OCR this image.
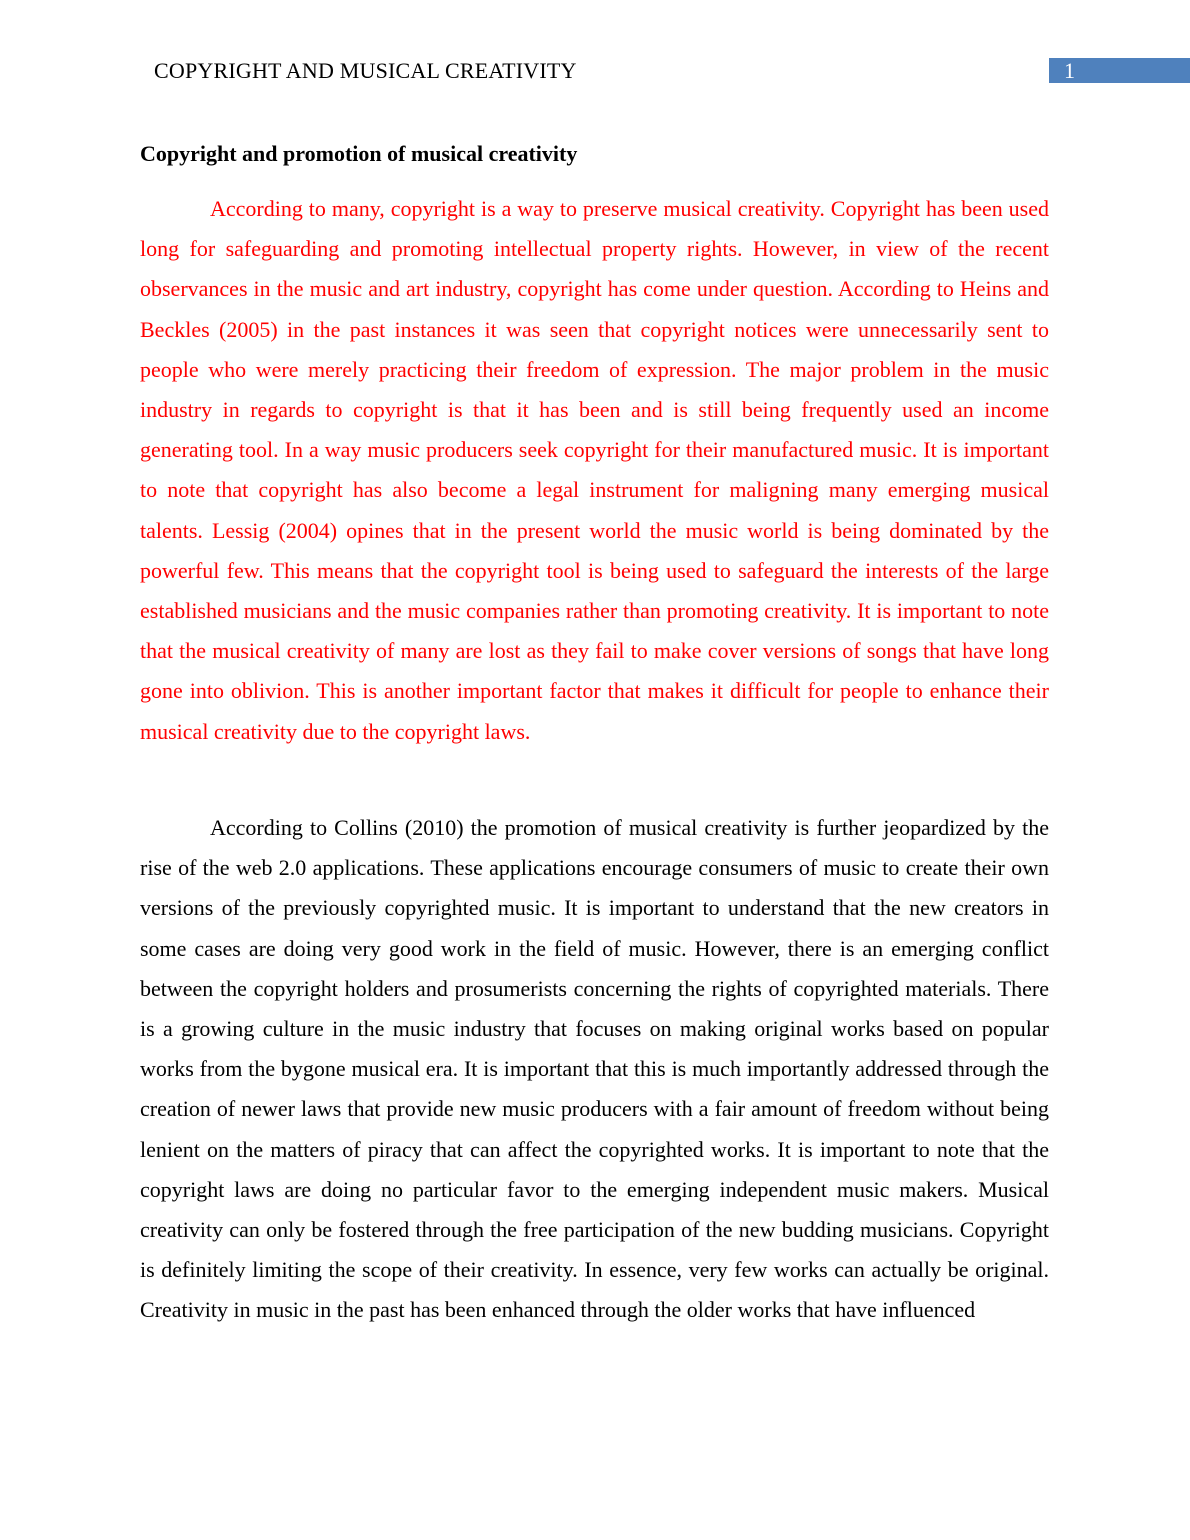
COPYRIGHT AND MUSICAL CREATIVITY	1
Copyright and promotion of musical creativity

According to many, copyright is a way to preserve musical creativity. Copyright has been used long for safeguarding and promoting intellectual property rights. However, in view of the recent observances in the music and art industry, copyright has come under question. According to Heins and Beckles (2005) in the past instances it was seen that copyright notices were unnecessarily sent to people who were merely practicing their freedom of expression. The major problem in the music industry in regards to copyright is that it has been and is still being frequently used an income generating tool. In a way music producers seek copyright for their manufactured music. It is important to note that copyright has also become a legal instrument for maligning many emerging musical talents. Lessig (2004) opines that in the present world the music world is being dominated by the powerful few. This means that the copyright tool is being used to safeguard the interests of the large established musicians and the music companies rather than promoting creativity. It is important to note that the musical creativity of many are lost as they fail to make cover versions of songs that have long gone into oblivion. This is another important factor that makes it difficult for people to enhance their musical creativity due to the copyright laws.

According to Collins (2010) the promotion of musical creativity is further jeopardized by the rise of the web 2.0 applications. These applications encourage consumers of music to create their own versions of the previously copyrighted music. It is important to understand that the new creators in some cases are doing very good work in the field of music. However, there is an emerging conflict between the copyright holders and prosumerists concerning the rights of copyrighted materials. There is a growing culture in the music industry that focuses on making original works based on popular works from the bygone musical era. It is important that this is much importantly addressed through the creation of newer laws that provide new music producers with a fair amount of freedom without being lenient on the matters of piracy that can affect the copyrighted works. It is important to note that the copyright laws are doing no particular favor to the emerging independent music makers. Musical creativity can only be fostered through the free participation of the new budding musicians. Copyright is definitely limiting the scope of their creativity. In essence, very few works can actually be original. Creativity in music in the past has been enhanced through the older works that have influenced
